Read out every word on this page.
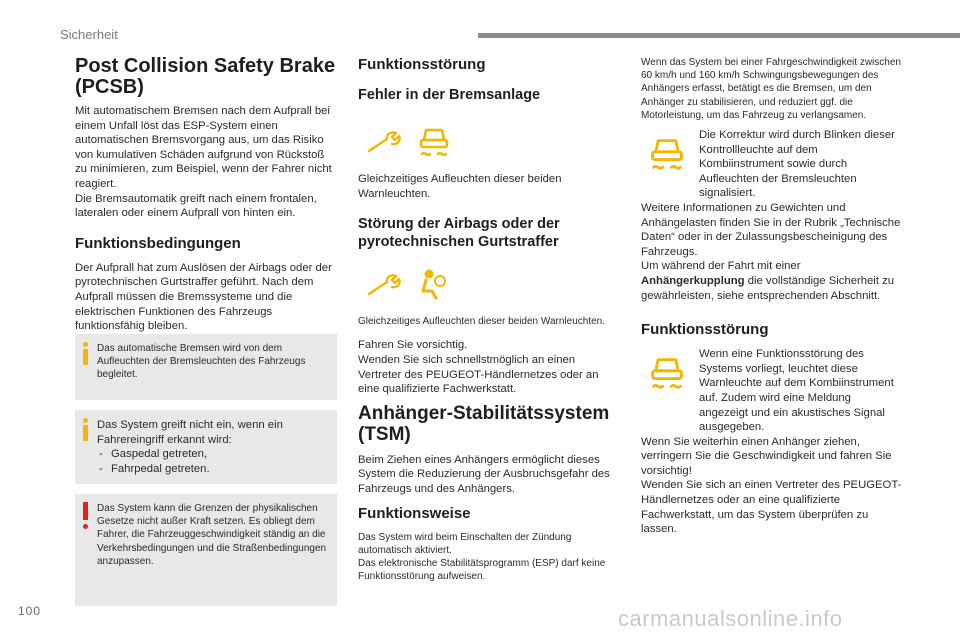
Sicherheit
Post Collision Safety Brake (PCSB)

Mit automatischem Bremsen nach dem Aufprall bei einem Unfall löst das ESP-System einen automatischen Bremsvorgang aus, um das Risiko von kumulativen Schäden aufgrund von Rückstoß zu minimieren, zum Beispiel, wenn der Fahrer nicht reagiert.

Die Bremsautomatik greift nach einem frontalen, lateralen oder einem Aufprall von hinten ein.

Funktionsbedingungen

Der Aufprall hat zum Auslösen der Airbags oder der pyrotechnischen Gurtstraffer geführt. Nach dem Aufprall müssen die Bremssysteme und die elektrischen Funktionen des Fahrzeugs funktionsfähig bleiben.

Das automatische Bremsen wird von dem Aufleuchten der Bremsleuchten des Fahrzeugs begleitet.
Das System greift nicht ein, wenn ein Fahrereingriff erkannt wird:
- Gaspedal getreten,
- Fahrpedal getreten.
Das System kann die Grenzen der physikalischen Gesetze nicht außer Kraft setzen. Es obliegt dem Fahrer, die Fahrzeuggeschwindigkeit ständig an die Verkehrsbedingungen und die Straßenbedingungen anzupassen.
Funktionsstörung
Fehler in der Bremsanlage

Gleichzeitiges Aufleuchten dieser beiden Warnleuchten.

Störung der Airbags oder der pyrotechnischen Gurtstraffer

Gleichzeitiges Aufleuchten dieser beiden Warnleuchten.

Fahren Sie vorsichtig.

Wenden Sie sich schnellstmöglich an einen Vertreter des PEUGEOT-Händlernetzes oder an eine qualifizierte Fachwerkstatt.

Anhänger-Stabilitätssystem (TSM)

Beim Ziehen eines Anhängers ermöglicht dieses System die Reduzierung der Ausbruchsgefahr des Fahrzeugs und des Anhängers.

Funktionsweise

Das System wird beim Einschalten der Zündung automatisch aktiviert.

Das elektronische Stabilitätsprogramm (ESP) darf keine Funktionsstörung aufweisen.

Wenn das System bei einer Fahrgeschwindigkeit zwischen 60 km/h und 160 km/h Schwingungsbewegungen des Anhängers erfasst, betätigt es die Bremsen, um den Anhänger zu stabilisieren, und reduziert ggf. die Motorleistung, um das Fahrzeug zu verlangsamen.

Die Korrektur wird durch Blinken dieser Kontrollleuchte auf dem Kombiinstrument sowie durch Aufleuchten der Bremsleuchten signalisiert.

Weitere Informationen zu Gewichten und Anhängelasten finden Sie in der Rubrik „Technische Daten“ oder in der Zulassungsbescheinigung des Fahrzeugs.

Um während der Fahrt mit einer Anhängerkupplung die vollständige Sicherheit zu gewährleisten, siehe entsprechenden Abschnitt.

Funktionsstörung

Wenn eine Funktionsstörung des Systems vorliegt, leuchtet diese Warnleuchte auf dem Kombiinstrument auf. Zudem wird eine Meldung angezeigt und ein akustisches Signal ausgegeben.

Wenn Sie weiterhin einen Anhänger ziehen, verringern Sie die Geschwindigkeit und fahren Sie vorsichtig!

Wenden Sie sich an einen Vertreter des PEUGEOT-Händlernetzes oder an eine qualifizierte Fachwerkstatt, um das System überprüfen zu lassen.

100	carmanualsonline.info
